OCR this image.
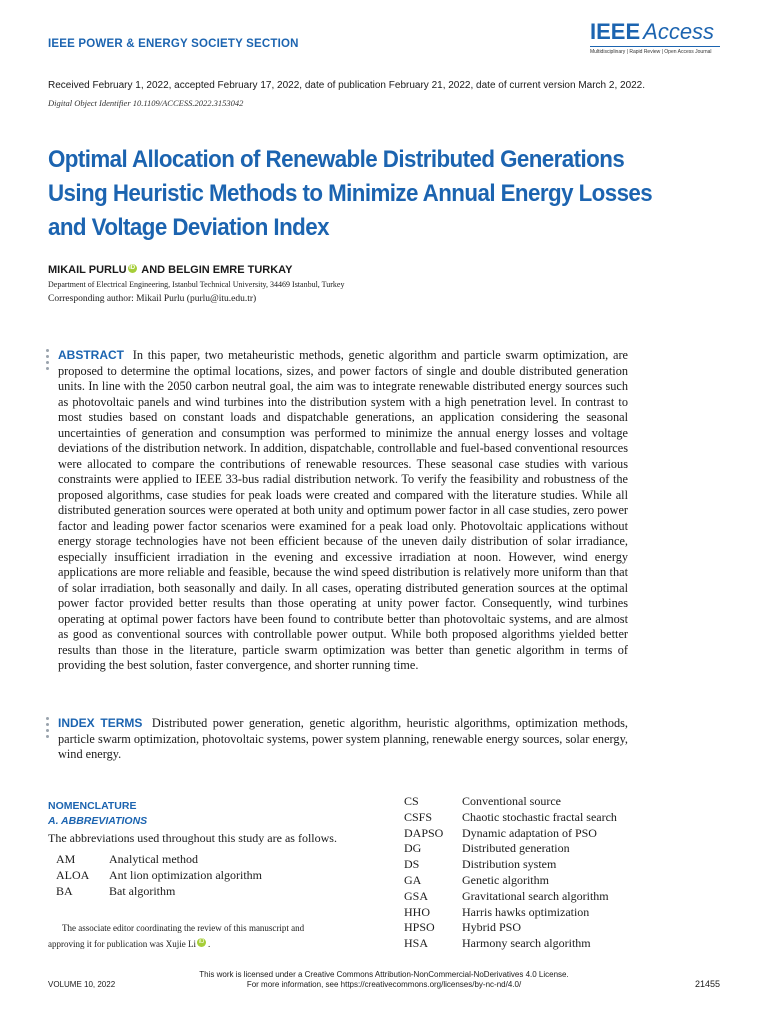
IEEE POWER & ENERGY SOCIETY SECTION	IEEE Access
Multidisciplinary | Rapid Review | Open Access Journal
Received February 1, 2022, accepted February 17, 2022, date of publication February 21, 2022, date of current version March 2, 2022.
Digital Object Identifier 10.1109/ACCESS.2022.3153042
Optimal Allocation of Renewable Distributed Generations Using Heuristic Methods to Minimize Annual Energy Losses and Voltage Deviation Index
MIKAIL PURLU iD AND BELGIN EMRE TURKAY
Department of Electrical Engineering, Istanbul Technical University, 34469 Istanbul, Turkey
Corresponding author: Mikail Purlu (purlu@itu.edu.tr)
ABSTRACT In this paper, two metaheuristic methods, genetic algorithm and particle swarm optimization, are proposed to determine the optimal locations, sizes, and power factors of single and double distributed generation units. In line with the 2050 carbon neutral goal, the aim was to integrate renewable distributed energy sources such as photovoltaic panels and wind turbines into the distribution system with a high penetration level. In contrast to most studies based on constant loads and dispatchable generations, an application considering the seasonal uncertainties of generation and consumption was performed to minimize the annual energy losses and voltage deviations of the distribution network. In addition, dispatchable, controllable and fuel-based conventional resources were allocated to compare the contributions of renewable resources. These seasonal case studies with various constraints were applied to IEEE 33-bus radial distribution network. To verify the feasibility and robustness of the proposed algorithms, case studies for peak loads were created and compared with the literature studies. While all distributed generation sources were operated at both unity and optimum power factor in all case studies, zero power factor and leading power factor scenarios were examined for a peak load only. Photovoltaic applications without energy storage technologies have not been efficient because of the uneven daily distribution of solar irradiance, especially insufficient irradiation in the evening and excessive irradiation at noon. However, wind energy applications are more reliable and feasible, because the wind speed distribution is relatively more uniform than that of solar irradiation, both seasonally and daily. In all cases, operating distributed generation sources at the optimal power factor provided better results than those operating at unity power factor. Consequently, wind turbines operating at optimal power factors have been found to contribute better than photovoltaic systems, and are almost as good as conventional sources with controllable power output. While both proposed algorithms yielded better results than those in the literature, particle swarm optimization was better than genetic algorithm in terms of providing the best solution, faster convergence, and shorter running time.
INDEX TERMS Distributed power generation, genetic algorithm, heuristic algorithms, optimization methods, particle swarm optimization, photovoltaic systems, power system planning, renewable energy sources, solar energy, wind energy.
NOMENCLATURE
A. ABBREVIATIONS
The abbreviations used throughout this study are as follows.
AM	Analytical method
ALOA	Ant lion optimization algorithm
BA	Bat algorithm
CS	Conventional source
CSFS	Chaotic stochastic fractal search
DAPSO	Dynamic adaptation of PSO
DG	Distributed generation
DS	Distribution system
GA	Genetic algorithm
GSA	Gravitational search algorithm
HHO	Harris hawks optimization
HPSO	Hybrid PSO
HSA	Harmony search algorithm
The associate editor coordinating the review of this manuscript and
approving it for publication was Xujie Li iD .
This work is licensed under a Creative Commons Attribution-NonCommercial-NoDerivatives 4.0 License.
For more information, see https://creativecommons.org/licenses/by-nc-nd/4.0/
VOLUME 10, 2022	21455
